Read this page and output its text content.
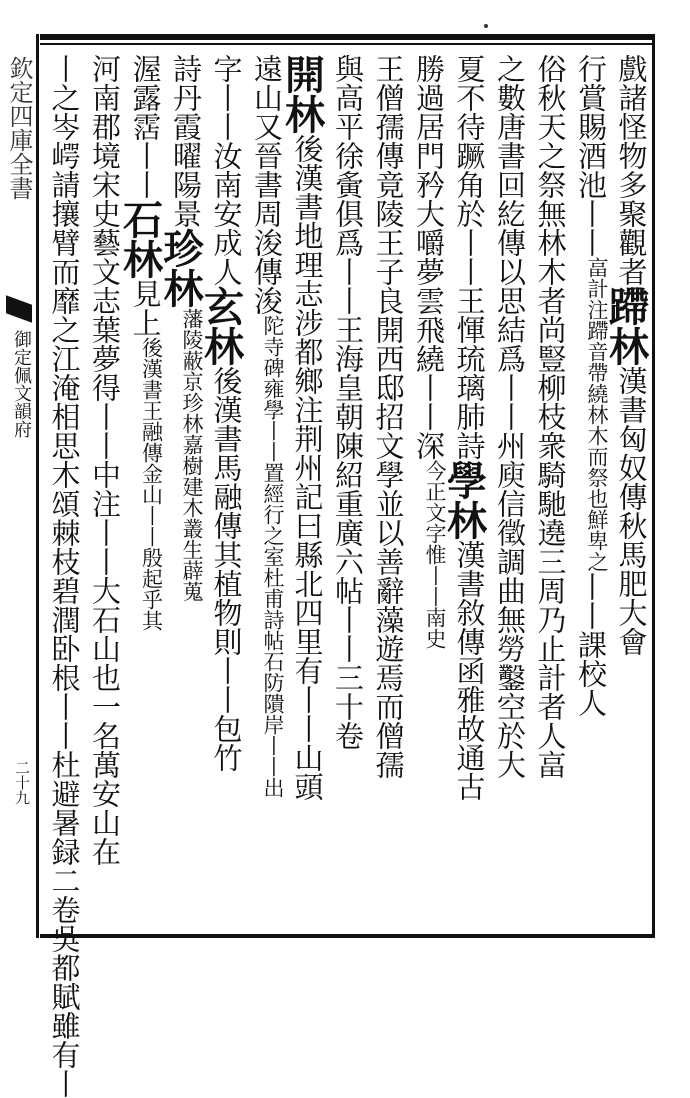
欽定四庫全書
御定佩文韻府
二十九
戲諸怪物多聚觀者
蹛林
漢書匈奴傳秋馬肥大會
行賞賜酒池丨丨
畗計注蹛音帶繞林木而祭也鮮卑之
丨丨課校人
俗秋天之祭無林木者尚豎柳枝衆騎馳遶三周乃止計者人畗
之數唐書回紇傳以思結爲丨丨州庾信徵調曲無勞鑿空於大
夏不待蹶角於丨丨王惲琉璃肺詩
學林
漢書敘傳函雅故通古
勝過居門矜大嚼夢雲飛繞丨丨深
今正文字惟丨丨南史
王僧孺傳竟陵王子良開西邸招文學並以善辭藻遊焉而僧孺
與高平徐夤俱爲丨丨王海皇朝陳紹重廣六帖丨丨三十卷
開林
後漢書地理志涉都鄉注荆州記曰縣北四里有丨丨山頭
遠山又晉書周浚傳浚
陀寺碑雍學丨丨置經行之室杜甫詩帖石防隤岸丨丨出
字丨丨汝南安成人
玄林
後漢書馬融傳其植物則丨丨包竹
詩丹霞曜陽景
珍林
藩陵蔽京珍林嘉樹建木叢生薜蒐
渥露霑丨丨
石林
見上
後漢書王融傳金山丨丨殷起乎其
河南郡境宋史藝文志葉夢得丨丨中注丨丨大石山也一名萬安山在
丨之岑崿請攘臂而靡之江淹相思木頌棘枝碧潤卧根丨丨杜避暑録二卷吳都賦雖有丨
